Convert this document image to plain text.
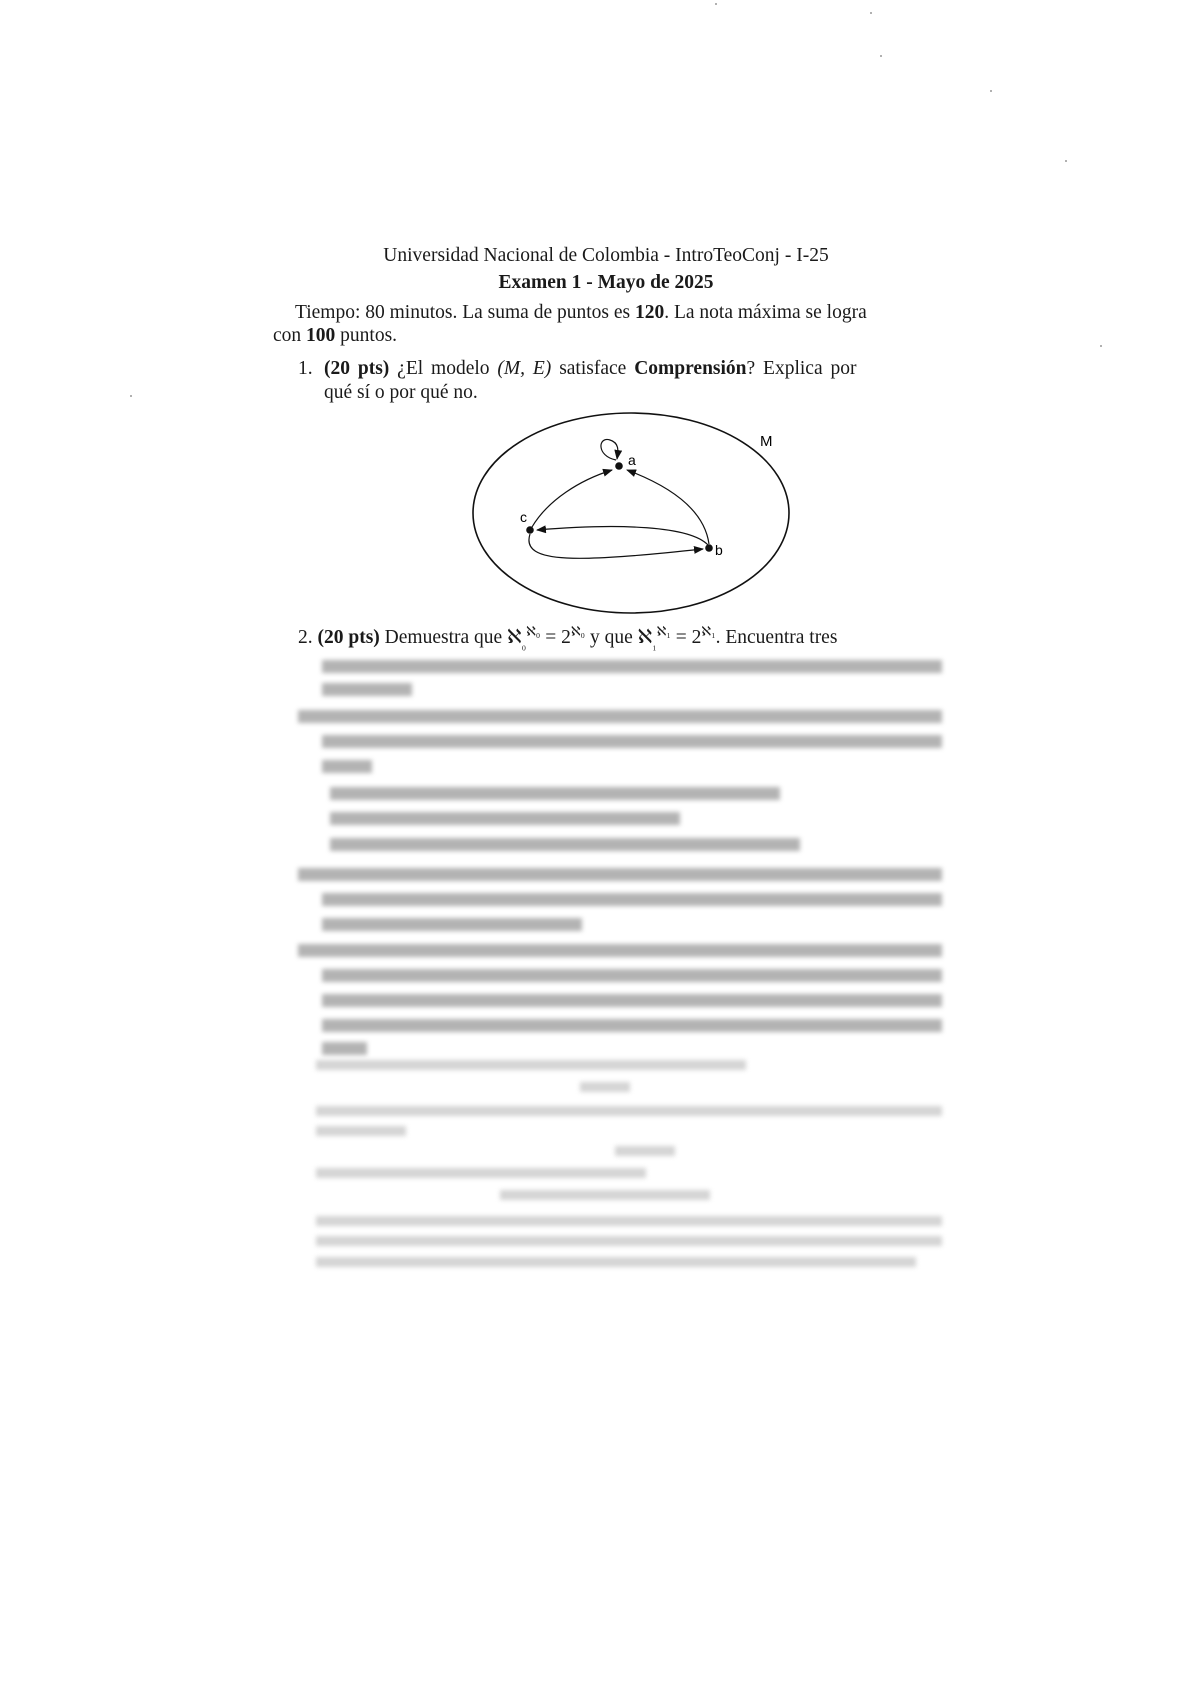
Universidad Nacional de Colombia - IntroTeoConj - I-25
Examen 1 - Mayo de 2025
Tiempo: 80 minutos. La suma de puntos es 120. La nota máxima se logra
con 100 puntos.
1. (20 pts) ¿El modelo (M, E) satisface Comprensión? Explica por
qué sí o por qué no.
a
b
c
M
2. (20 pts) Demuestra que ℵ$_{_0}^{ℵ_0}$ = $2^{ℵ_0}$ y que ℵ$_{_1}^{ℵ_1}$ = $2^{ℵ_1}$. Encuentra tres
